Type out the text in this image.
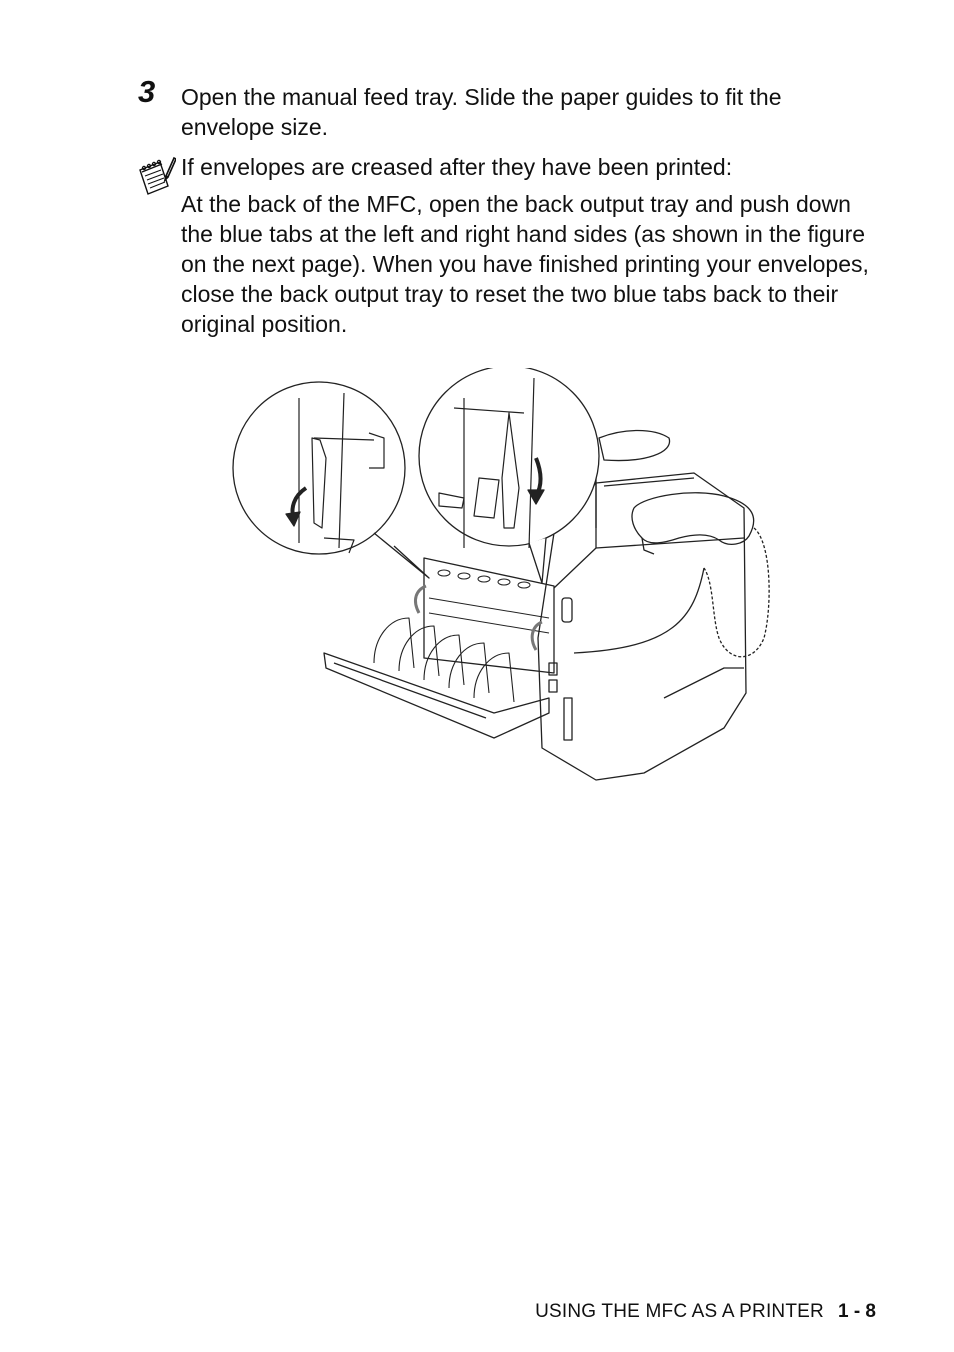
3 Open the manual feed tray. Slide the paper guides to fit the envelope size.
If envelopes are creased after they have been printed:
At the back of the MFC, open the back output tray and push down the blue tabs at the left and right hand sides (as shown in the figure on the next page). When you have finished printing your envelopes, close the back output tray to reset the two blue tabs back to their original position.
USING THE MFC AS A PRINTER 1 - 8
